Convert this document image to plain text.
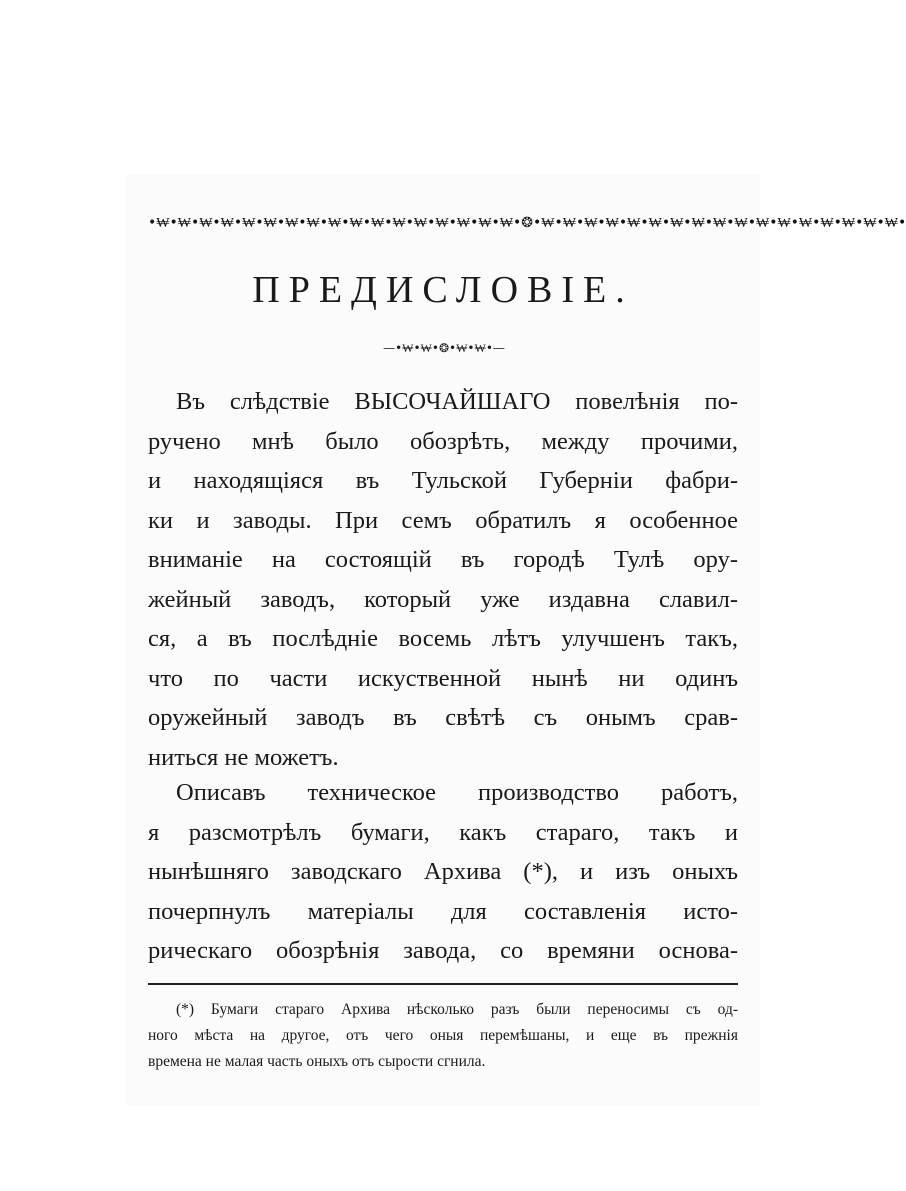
•₩•₩•₩•₩•₩•₩•₩•₩•₩•₩•₩•₩•₩•₩•₩•₩•₩•❂•₩•₩•₩•₩•₩•₩•₩•₩•₩•₩•₩•₩•₩•₩•₩•₩•₩•
ПРЕДИСЛОВІЕ.
—•₩•₩•❂•₩•₩•—
Въ слѣдствіе ВЫСОЧАЙШАГО повелѣнія по-
ручено мнѣ было обозрѣть, между прочими,
и находящіяся въ Тульской Губерніи фабри-
ки и заводы. При семъ обратилъ я особенное
вниманіе на состоящій въ городѣ Тулѣ ору-
жейный заводъ, который уже издавна славил-
ся, а въ послѣдніе восемь лѣтъ улучшенъ такъ,
что по части искуственной нынѣ ни одинъ
оружейный заводъ въ свѣтѣ съ онымъ срав-
ниться не можетъ.
Описавъ техническое производство работъ,
я разсмотрѣлъ бумаги, какъ стараго, такъ и
нынѣшняго заводскаго Архива (*), и изъ оныхъ
почерпнулъ матеріалы для составленія исто-
рическаго обозрѣнія завода, со времяни основа-
(*) Бумаги стараго Архива нѣсколько разъ были переносимы съ од-
ного мѣста на другое, отъ чего оныя перемѣшаны, и еще въ прежнія
времена не малая часть оныхъ отъ сырости сгнила.
